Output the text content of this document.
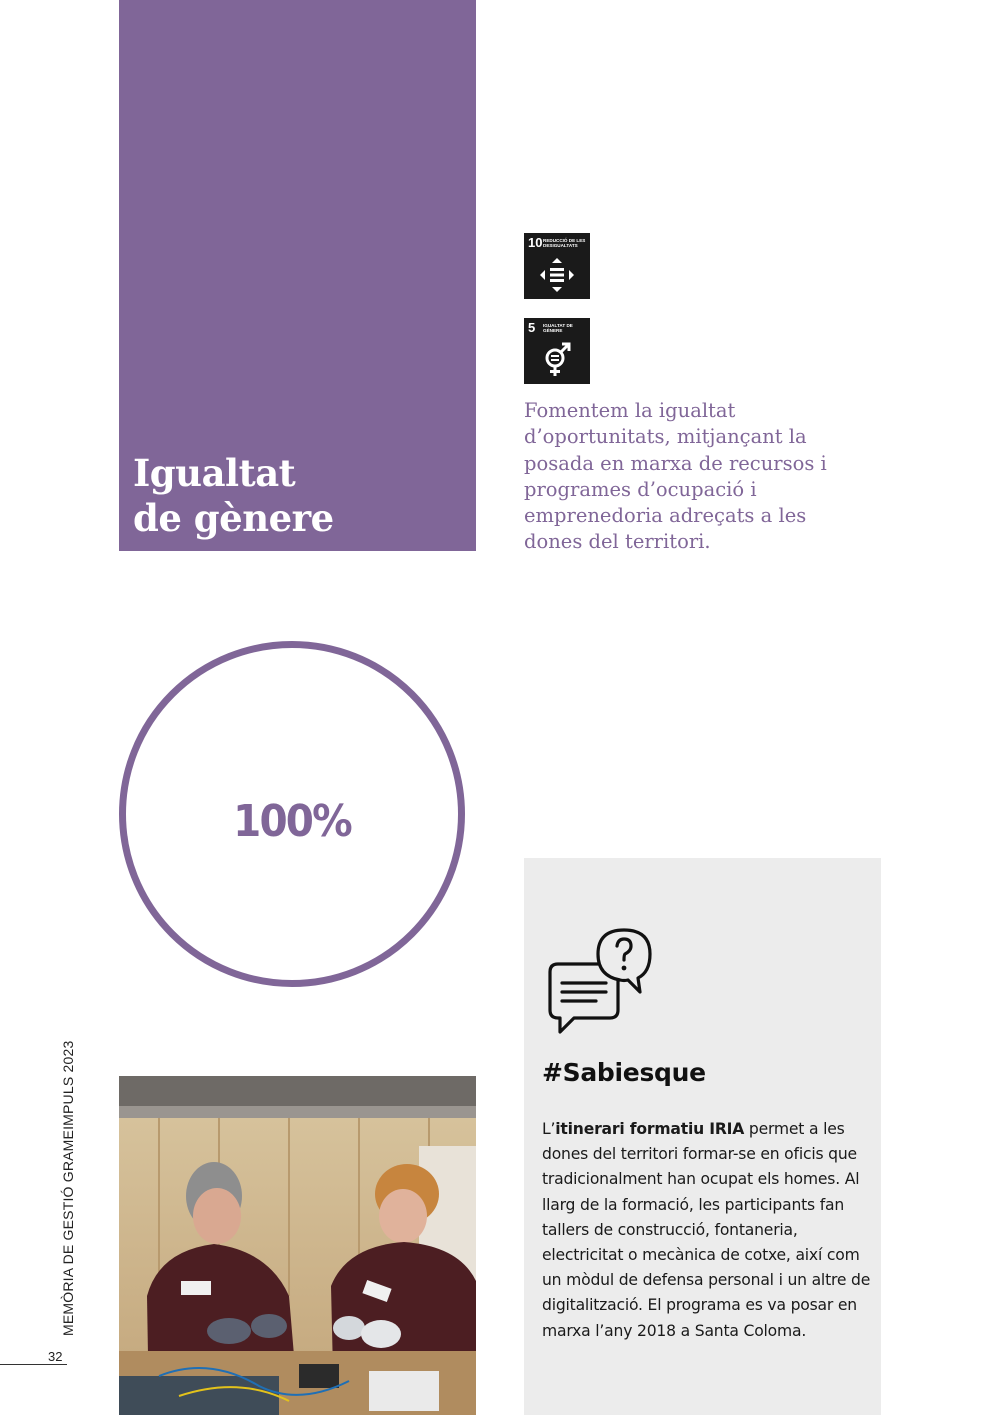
Igualtat
de gènere
10 REDUCCIÓ DE LES DESIGUALTATS
5 IGUALTAT DE GÈNERE

Fomentem la igualtat d’oportunitats, mitjançant la posada en marxa de recursos i programes d’ocupació i emprenedoria adreçats a les dones del territori.

100%
#Sabiesque

L’itinerari formatiu IRIA permet a les dones del territori formar-se en oficis que tradicionalment han ocupat els homes. Al llarg de la formació, les participants fan tallers de construcció, fontaneria, electricitat o mecànica de cotxe, així com un mòdul de defensa personal i un altre de digitalització. El programa es va posar en marxa l’any 2018 a Santa Coloma.

MEMÒRIA DE GESTIÓ GRAMEIMPULS 2023
32
